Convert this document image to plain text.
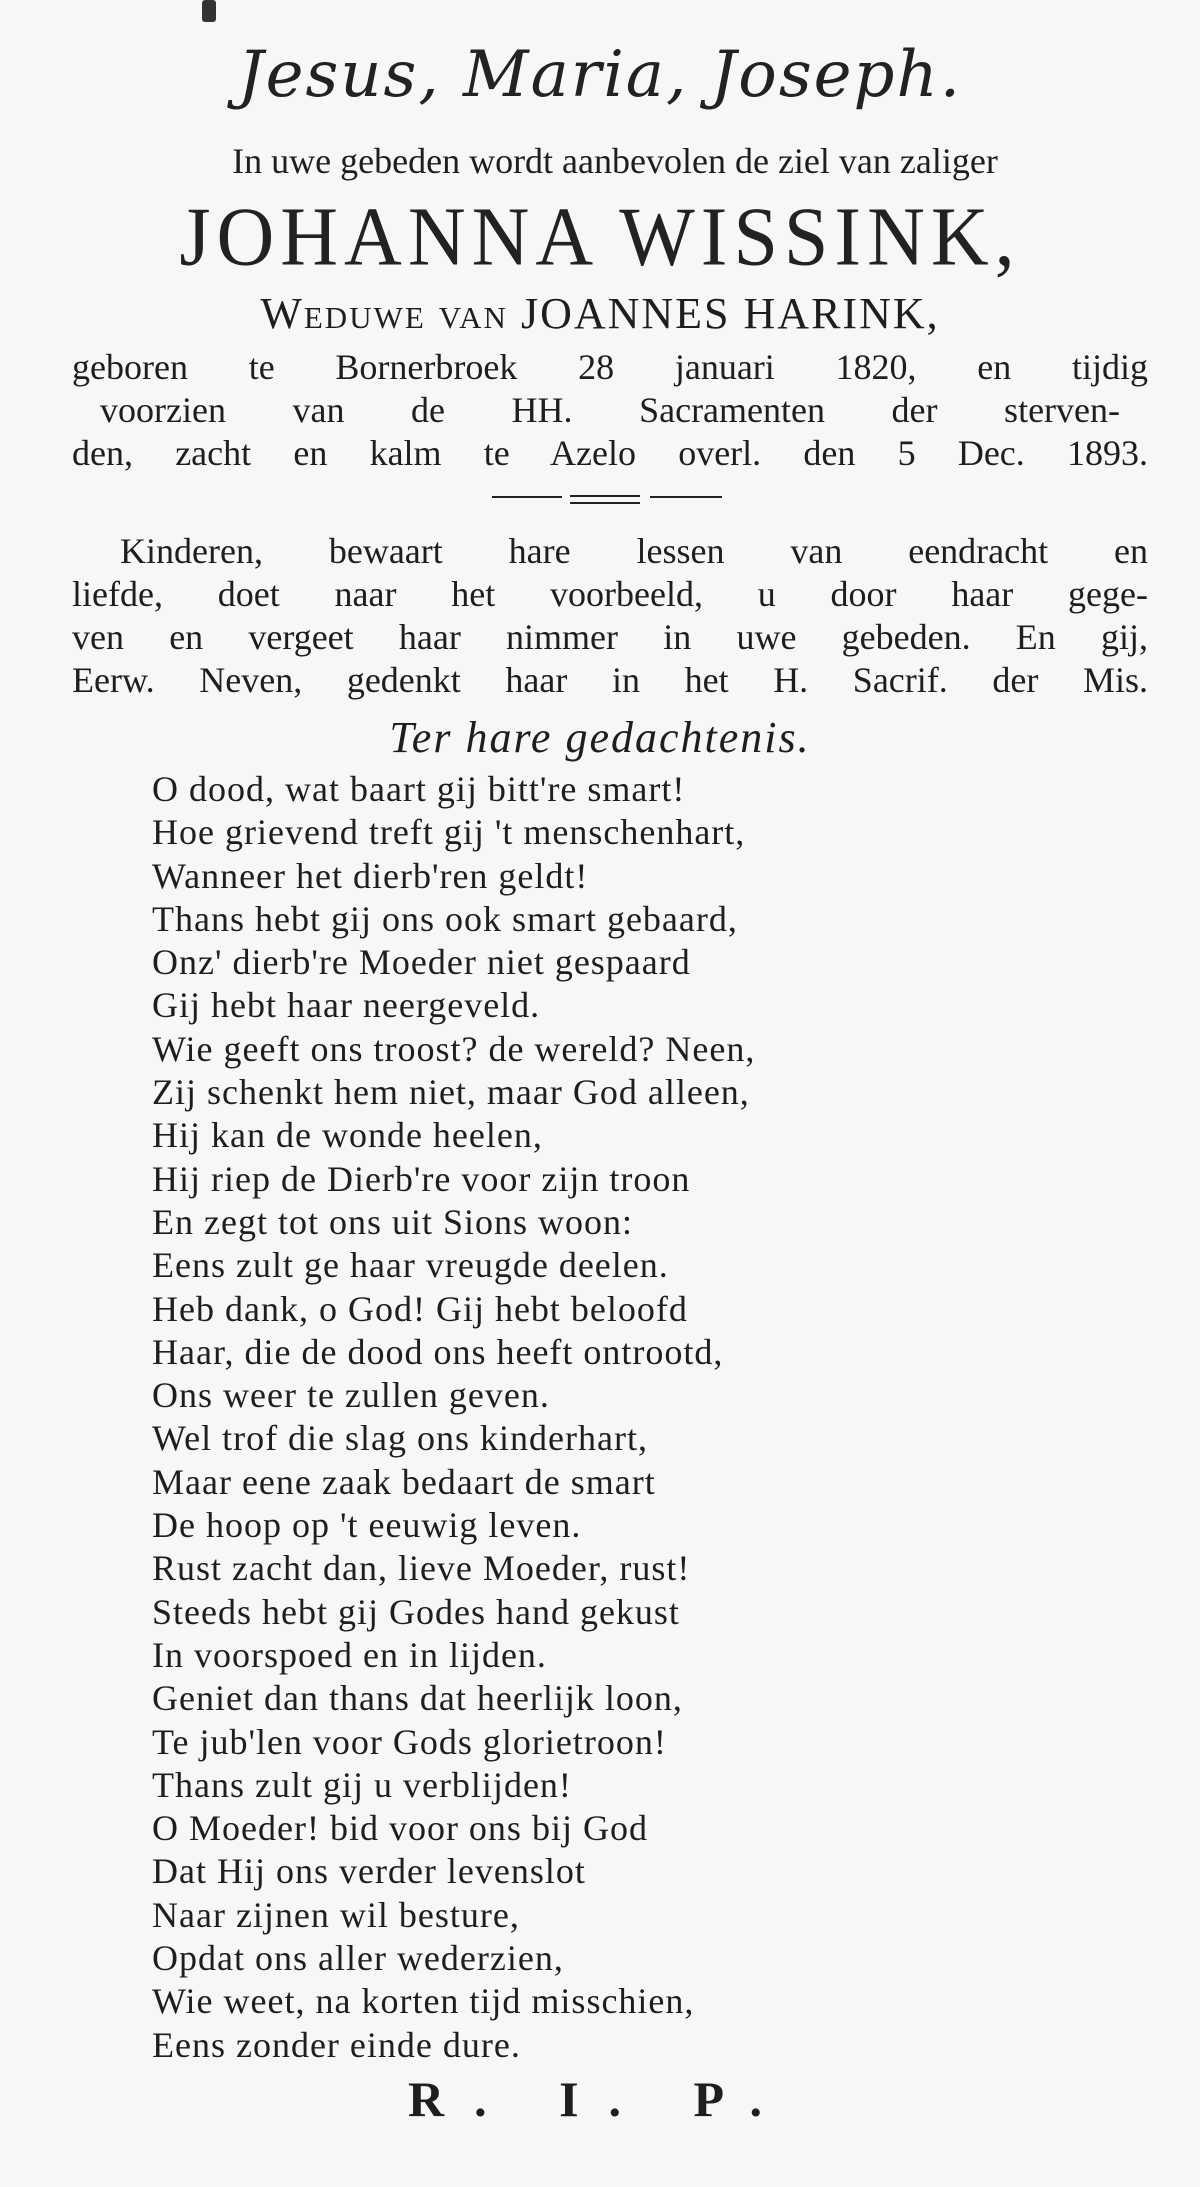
Jesus, Maria, Joseph.
In uwe gebeden wordt aanbevolen de ziel van zaliger
JOHANNA WISSINK,
Weduwe van JOANNES HARINK,
geboren te Bornerbroek 28 januari 1820, en tijdig
voorzien van de HH. Sacramenten der sterven-
den, zacht en kalm te Azelo overl. den 5 Dec. 1893.
Kinderen, bewaart hare lessen van eendracht en
liefde, doet naar het voorbeeld, u door haar gege-
ven en vergeet haar nimmer in uwe gebeden. En gij,
Eerw. Neven, gedenkt haar in het H. Sacrif. der Mis.
Ter hare gedachtenis.
O dood, wat baart gij bitt're smart!
Hoe grievend treft gij 't menschenhart,
Wanneer het dierb'ren geldt!
Thans hebt gij ons ook smart gebaard,
Onz' dierb're Moeder niet gespaard
Gij hebt haar neergeveld.
Wie geeft ons troost? de wereld? Neen,
Zij schenkt hem niet, maar God alleen,
Hij kan de wonde heelen,
Hij riep de Dierb're voor zijn troon
En zegt tot ons uit Sions woon:
Eens zult ge haar vreugde deelen.
Heb dank, o God! Gij hebt beloofd
Haar, die de dood ons heeft ontrootd,
Ons weer te zullen geven.
Wel trof die slag ons kinderhart,
Maar eene zaak bedaart de smart
De hoop op 't eeuwig leven.
Rust zacht dan, lieve Moeder, rust!
Steeds hebt gij Godes hand gekust
In voorspoed en in lijden.
Geniet dan thans dat heerlijk loon,
Te jub'len voor Gods glorietroon!
Thans zult gij u verblijden!
O Moeder! bid voor ons bij God
Dat Hij ons verder levenslot
Naar zijnen wil besture,
Opdat ons aller wederzien,
Wie weet, na korten tijd misschien,
Eens zonder einde dure.
R. I. P.
